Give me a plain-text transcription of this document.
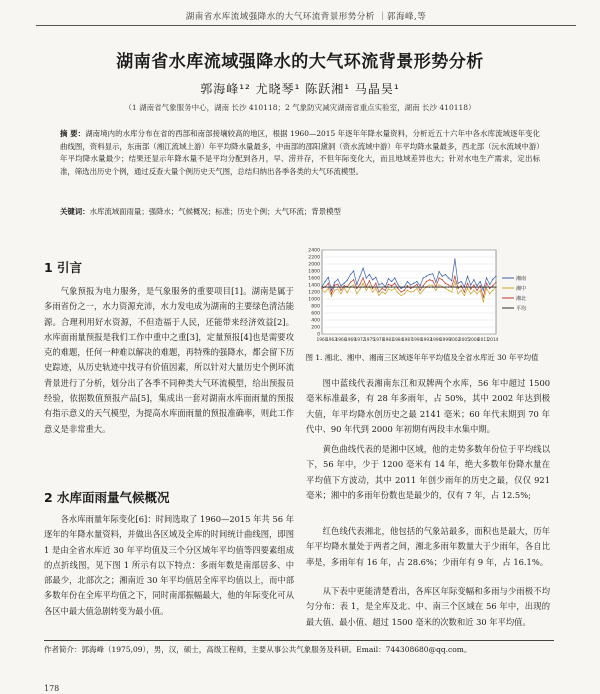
湖南省水库流域强降水的大气环流背景形势分析 ｜郭海峰,等
湖南省水库流域强降水的大气环流背景形势分析
郭海峰¹² 尤晓琴¹ 陈跃湘¹ 马晶昊¹
（1 湖南省气象服务中心，湖南 长沙 410118；2 气象防灾减灾湖南省重点实验室，湖南 长沙 410118）
摘 要：湖南境内的水库分布在省的西部和南部接壤较高的地区，根据 1960—2015 年逐年年降水量资料，分析近五十六年中各水库流域逐年变化曲线图，资料显示，东南部（湘江流域上游）年平均降水量最多，中南部的邵阳黛洞（资水流域中游）年平均降水量最多，西北部（沅水流域中游）年平均降水量最少；结果还显示年降水量不是平均分配到各月，早、涝并存，不但年际变化大，而且地域差异也大；针对水电生产需求，定出标准，筛选出历史个例，通过反查大量个例历史天气图，总结归纳出各季各类的大气环流模型。
关键词：水库流域面雨量；强降水；气候概况；标准；历史个例；大气环流；背景模型
1 引言
气象预报为电力服务，是气象服务的重要项目[1]。湖南是属于多雨省份之一，水力资源充沛，水力发电成为湖南的主要绿色清洁能源。合理利用好水资源，不但造福于人民，还能带来经济效益[2]。水库面雨量预报是我们工作中重中之重[3]，定量预报[4]也是需要攻克的难题，任何一种难以解决的难题，再特殊的强降水，都会留下历史踪迹，从历史轨迹中找寻有价值因素，所以针对大量历史个例环流背景进行了分析，划分出了各季不同种类大气环流模型，给出预报员经验，依据数值预报产品[5]，集成出一套对湖南水库面雨量的预报有指示意义的天气模型，为提高水库面雨量的预报准确率，则此工作意义是非常重大。
2 水库面雨量气候概况
各水库雨量年际变化[6]：时间选取了 1960—2015 年共 56 年逐年的年降水量资料，并做出各区域及全库的时间统计曲线图，即图 1 是由全省水库近 30 年平均值及三个分区域年平均值等四要素组成的点折线图，见下图 1 所示有以下特点：多雨年数是南部居多、中部最少，北部次之；湘南近 30 年平均值居全库平均值以上，而中部多数年份在全库平均值之下，同时南部振幅最大，他的年际变化可从各区中最大值急剧转变为最小值。
2400
2200
2000
1800
1600
1400
1200
1000
800
600
400
200
0
1960
1963
1966
1969
1972
1975
1978
1981
1984
1987
1990
1993
1996
1999
2002
2005
2008
2011
2014
湘南
湘中
湘北
平均
图 1. 湘北、湘中、湘南三区域逐年年平均值及全省水库近 30 年平均值
图中蓝线代表湘南东江和双牌两个水库，56 年中超过 1500 毫米标准最多，有 28 年多雨年，占 50%，其中 2002 年达到极大值，年平均降水创历史之最 2141 毫米；60 年代末期到 70 年代中、90 年代到 2000 年初期有两段丰水集中期。
黄色曲线代表的是湘中区域，他的走势多数年份位于平均线以下，56 年中，少于 1200 毫米有 14 年，绝大多数年份降水量在平均值下方波动，其中 2011 年创少雨年的历史之最，仅仅 921 毫米；湘中的多雨年份数也是最少的，仅有 7 年，占 12.5%;
红色线代表湘北，他包括的气象站最多，面积也是最大，历年年平均降水量处于两者之间，湘北多雨年数量大于少雨年，各自比率是，多雨年有 16 年，占 28.6%；少雨年有 9 年，占 16.1%。
从下表中更能清楚看出，各库区年际变幅和多雨与少雨极不均匀分布：表 1，是全库及北、中、南三个区域在 56 年中，出现的最大值、最小值、超过 1500 毫米的次数和近 30 年平均值。
作者简介：郭海峰（1975,09），男，汉，硕士，高级工程师，主要从事公共气象服务及科研。Email：744308680@qq.com。
178
